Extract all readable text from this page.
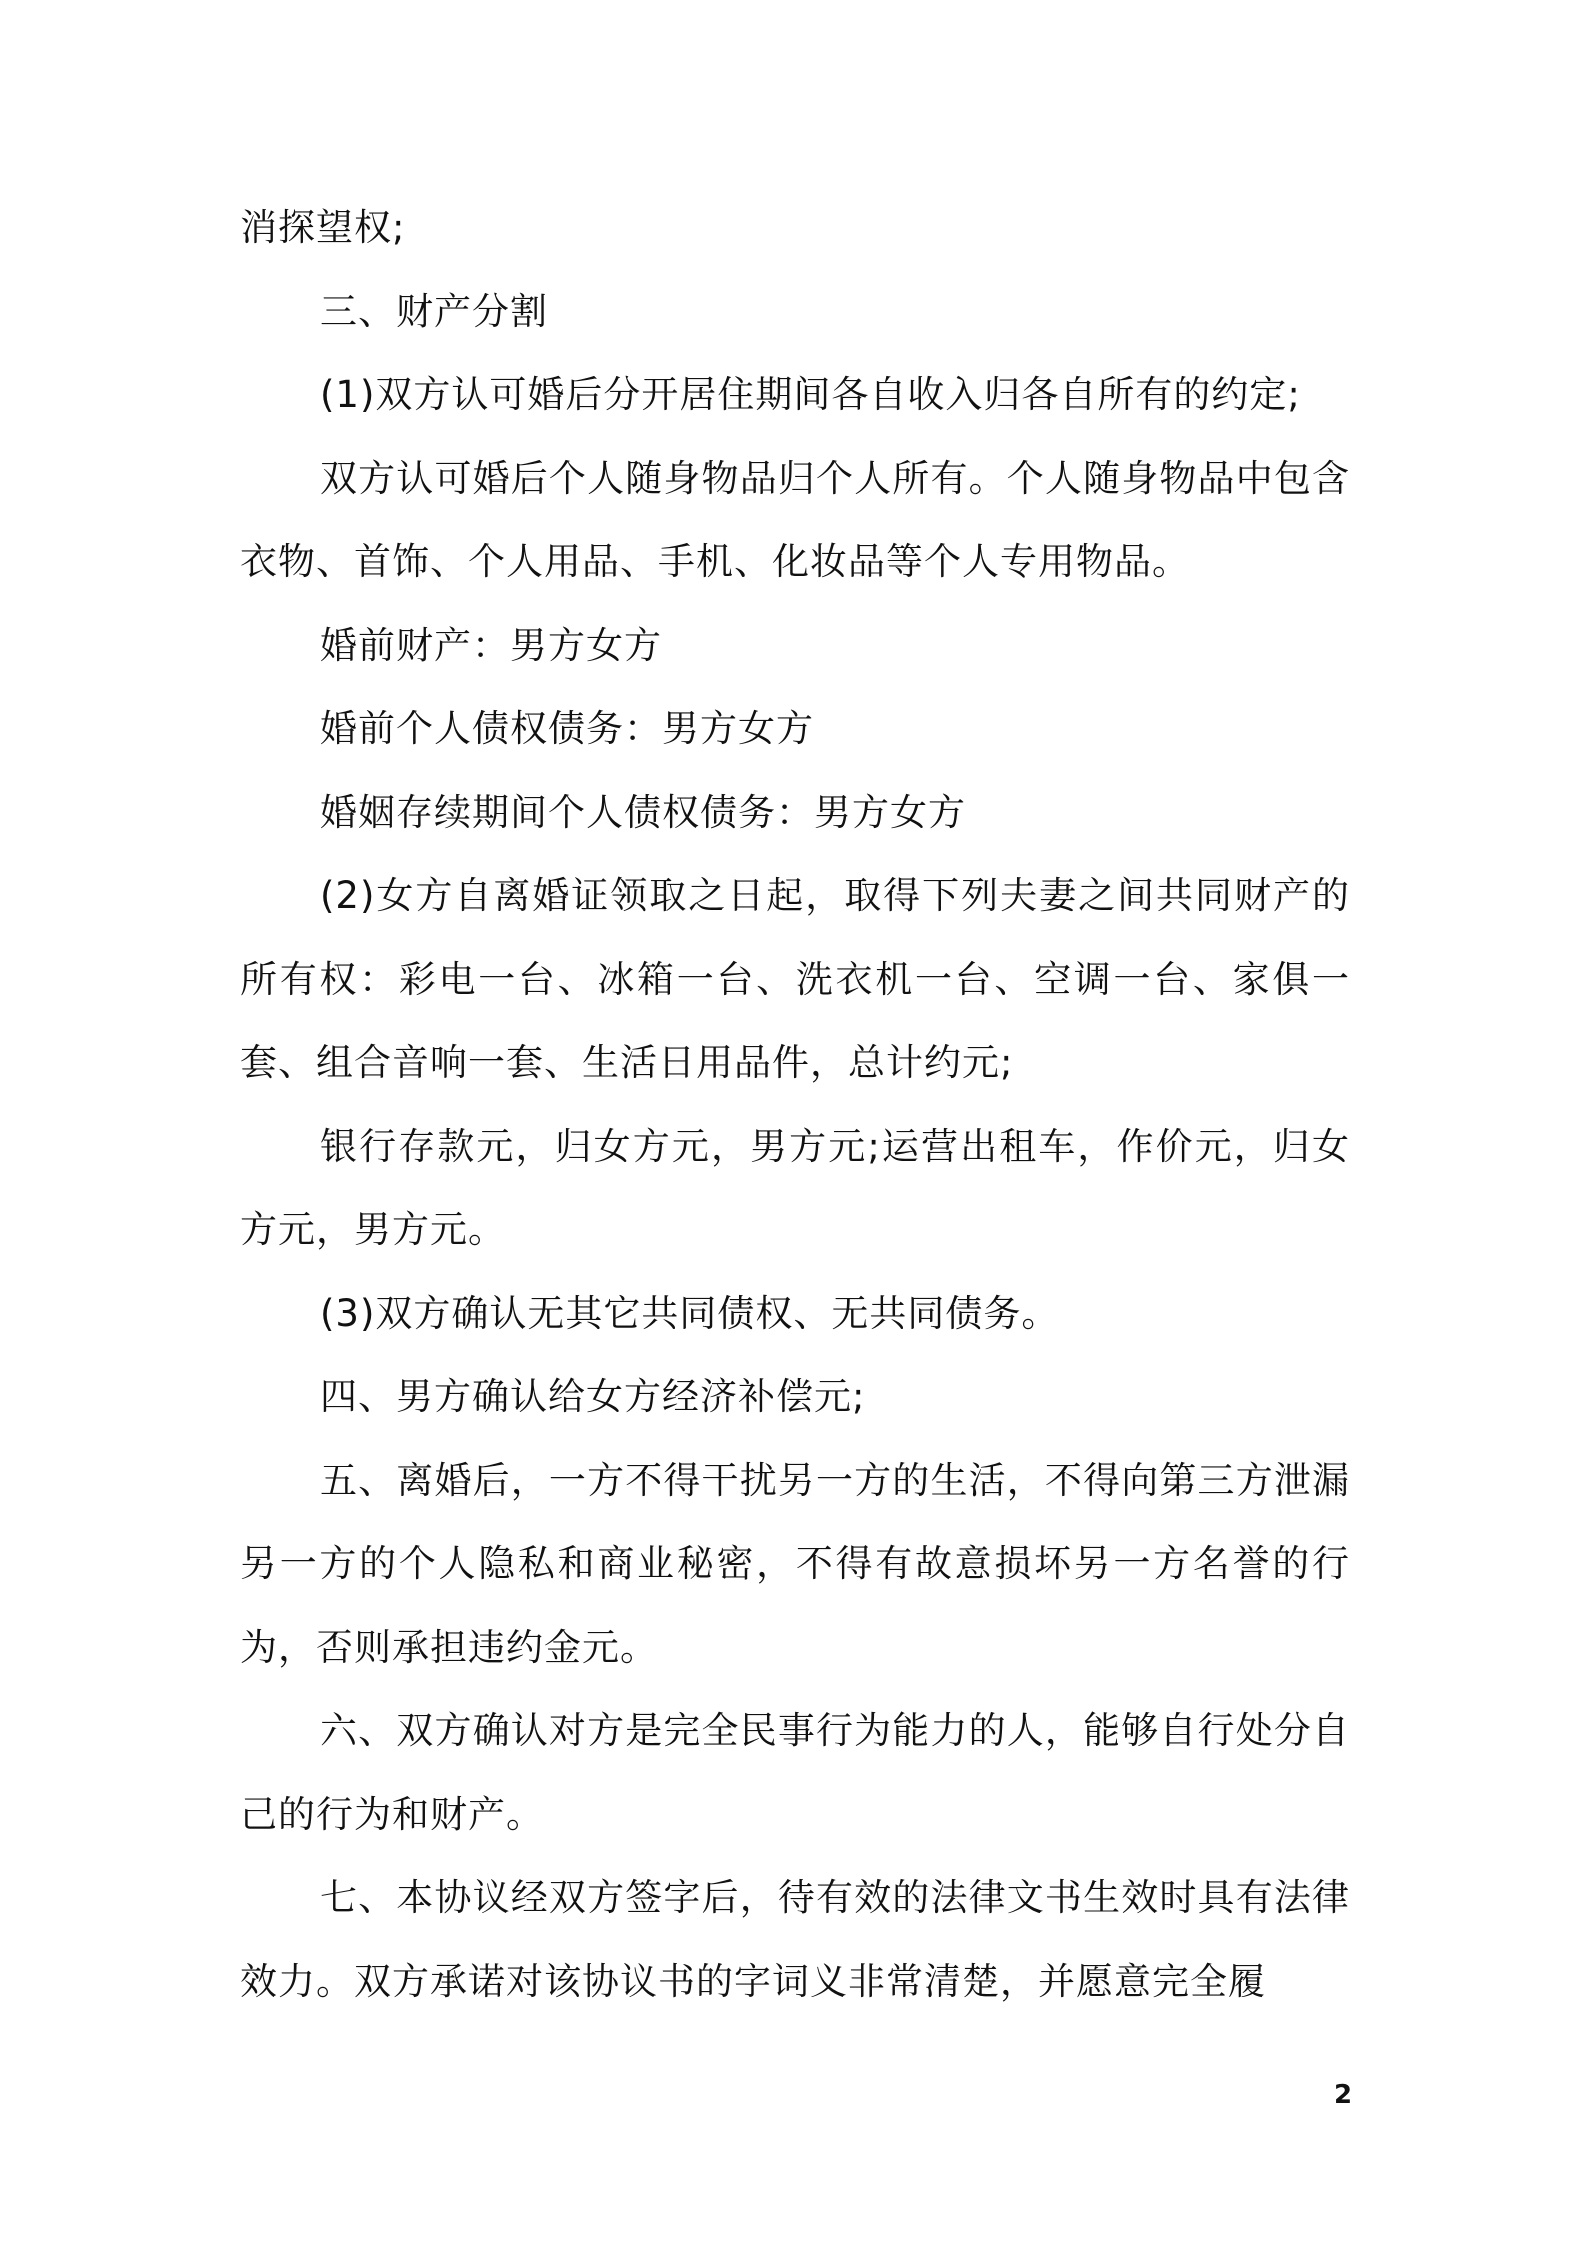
消探望权;

三、财产分割

(1)双方认可婚后分开居住期间各自收入归各自所有的约定;

双方认可婚后个人随身物品归个人所有。个人随身物品中包含衣物、首饰、个人用品、手机、化妆品等个人专用物品。

婚前财产：男方女方

婚前个人债权债务：男方女方

婚姻存续期间个人债权债务：男方女方

(2)女方自离婚证领取之日起，取得下列夫妻之间共同财产的所有权：彩电一台、冰箱一台、洗衣机一台、空调一台、家俱一套、组合音响一套、生活日用品件，总计约元;

银行存款元，归女方元，男方元;运营出租车，作价元，归女方元，男方元。

(3)双方确认无其它共同债权、无共同债务。

四、男方确认给女方经济补偿元;

五、离婚后，一方不得干扰另一方的生活，不得向第三方泄漏另一方的个人隐私和商业秘密，不得有故意损坏另一方名誉的行为，否则承担违约金元。

六、双方确认对方是完全民事行为能力的人，能够自行处分自己的行为和财产。

七、本协议经双方签字后，待有效的法律文书生效时具有法律效力。双方承诺对该协议书的字词义非常清楚，并愿意完全履

2
